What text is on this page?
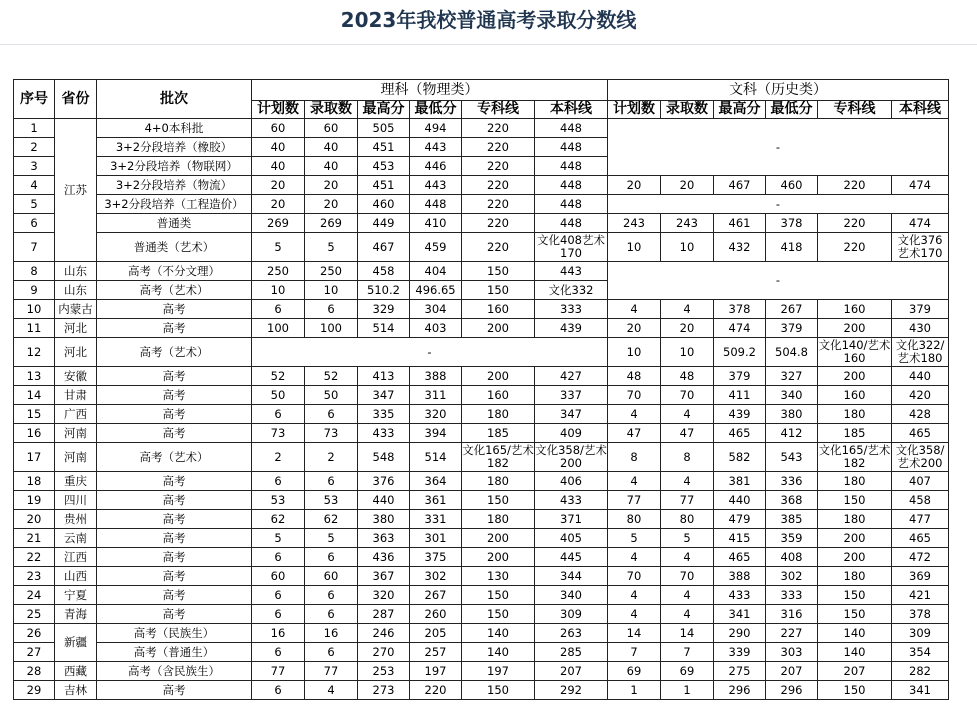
2023年我校普通高考录取分数线
序号	省份	批次	理科（物理类）						文科（历史类）					
			计划数	录取数	最高分	最低分	专科线	本科线	计划数	录取数	最高分	最低分	专科线	本科线
1	江苏	4+0本科批	60	60	505	494	220	448	-					
2		3+2分段培养（橡胶）	40	40	451	443	220	448						
3		3+2分段培养（物联网）	40	40	453	446	220	448						
4		3+2分段培养（物流）	20	20	451	443	220	448	20	20	467	460	220	474
5		3+2分段培养（工程造价）	20	20	460	448	220	448	-					
6		普通类	269	269	449	410	220	448	243	243	461	378	220	474
7		普通类（艺术）	5	5	467	459	220	文化408艺术170	10	10	432	418	220	文化376艺术170
8	山东	高考（不分文理）	250	250	458	404	150	443	-					
9	山东	高考（艺术）	10	10	510.2	496.65	150	文化332						
10	内蒙古	高考	6	6	329	304	160	333	4	4	378	267	160	379
11	河北	高考	100	100	514	403	200	439	20	20	474	379	200	430
12	河北	高考（艺术）	-						10	10	509.2	504.8	文化140/艺术160	文化322/艺术180
13	安徽	高考	52	52	413	388	200	427	48	48	379	327	200	440
14	甘肃	高考	50	50	347	311	160	337	70	70	411	340	160	420
15	广西	高考	6	6	335	320	180	347	4	4	439	380	180	428
16	河南	高考	73	73	433	394	185	409	47	47	465	412	185	465
17	河南	高考（艺术）	2	2	548	514	文化165/艺术182	文化358/艺术200	8	8	582	543	文化165/艺术182	文化358/艺术200
18	重庆	高考	6	6	376	364	180	406	4	4	381	336	180	407
19	四川	高考	53	53	440	361	150	433	77	77	440	368	150	458
20	贵州	高考	62	62	380	331	180	371	80	80	479	385	180	477
21	云南	高考	5	5	363	301	200	405	5	5	415	359	200	465
22	江西	高考	6	6	436	375	200	445	4	4	465	408	200	472
23	山西	高考	60	60	367	302	130	344	70	70	388	302	180	369
24	宁夏	高考	6	6	320	267	150	340	4	4	433	333	150	421
25	青海	高考	6	6	287	260	150	309	4	4	341	316	150	378
26	新疆	高考（民族生）	16	16	246	205	140	263	14	14	290	227	140	309
27		高考（普通生）	6	6	270	257	140	285	7	7	339	303	140	354
28	西藏	高考（含民族生）	77	77	253	197	197	207	69	69	275	207	207	282
29	吉林	高考	6	4	273	220	150	292	1	1	296	296	150	341
